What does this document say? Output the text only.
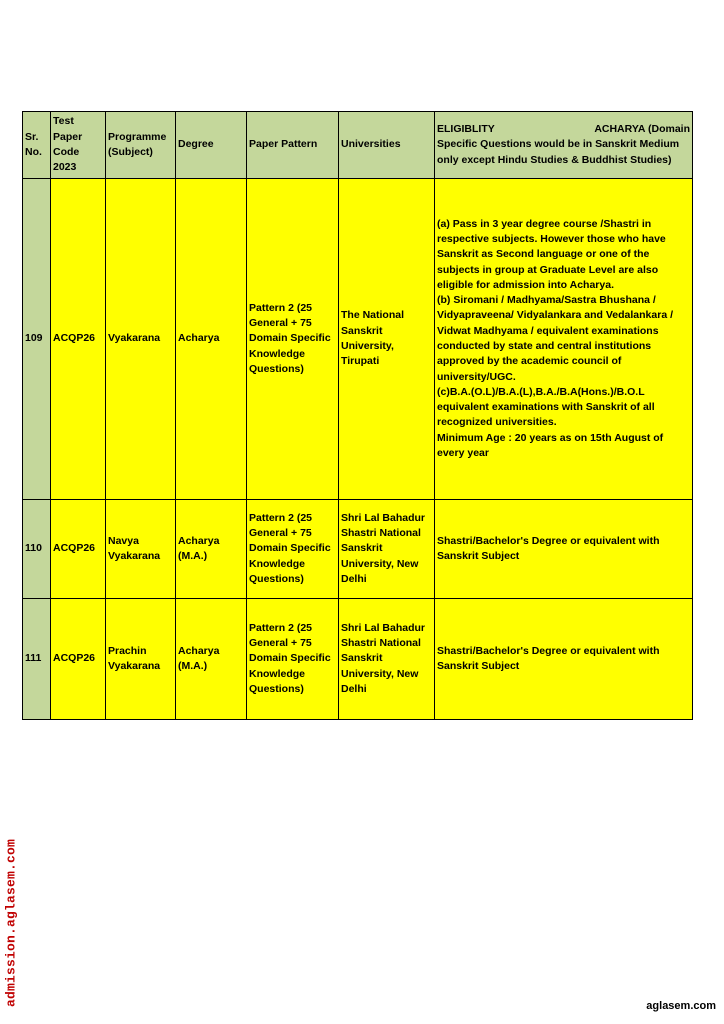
Sr. No.	Test Paper Code 2023	Programme (Subject)	Degree	Paper Pattern	Universities	ELIGIBLITY ACHARYA (Domain
Specific Questions would be in Sanskrit Medium only except Hindu Studies & Buddhist Studies)

109	ACQP26	Vyakarana	Acharya	Pattern 2 (25 General + 75 Domain Specific Knowledge Questions)	The National Sanskrit University, Tirupati	(a) Pass in 3 year degree course /Shastri in respective subjects. However those who have Sanskrit as Second language or one of the subjects in group at Graduate Level are also eligible for admission into Acharya.

(b) Siromani / Madhyama/Sastra Bhushana / Vidyapraveena/ Vidyalankara and Vedalankara / Vidwat Madhyama / equivalent examinations conducted by state and central institutions approved by the academic council of university/UGC.

(c)B.A.(O.L)/B.A.(L),B.A./B.A(Hons.)/B.O.L equivalent examinations with Sanskrit of all recognized universities.

Minimum Age : 20 years as on 15th August of every year

110	ACQP26	Navya Vyakarana	Acharya (M.A.)	Pattern 2 (25 General + 75 Domain Specific Knowledge Questions)	Shri Lal Bahadur Shastri National Sanskrit University, New Delhi	Shastri/Bachelor's Degree or equivalent with Sanskrit Subject

111	ACQP26	Prachin Vyakarana	Acharya (M.A.)	Pattern 2 (25 General + 75 Domain Specific Knowledge Questions)	Shri Lal Bahadur Shastri National Sanskrit University, New Delhi	Shastri/Bachelor's Degree or equivalent with Sanskrit Subject

admission.aglasem.com	aglasem.com
